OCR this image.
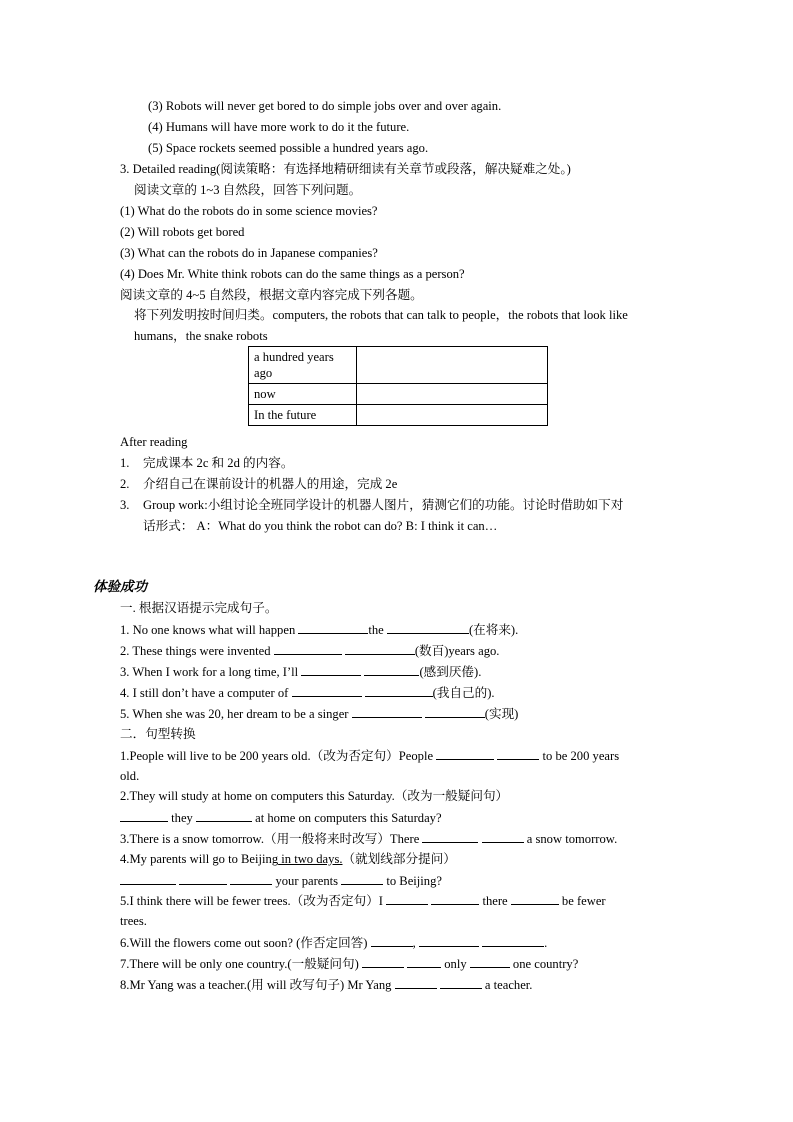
(3) Robots will never get bored to do simple jobs over and over again.
(4) Humans will have more work to do it the future.
(5) Space rockets seemed possible a hundred years ago.
3. Detailed reading(阅读策略：有选择地精研细读有关章节或段落，解决疑难之处。)
阅读文章的 1~3 自然段，回答下列问题。
(1) What do the robots do in some science movies?
(2) Will robots get bored
(3) What can the robots do in Japanese companies?
(4) Does Mr. White think robots can do the same things as a person?
阅读文章的 4~5 自然段，根据文章内容完成下列各题。
将下列发明按时间归类。computers, the robots that can talk to people，the robots that look like
humans，the snake robots
a hundred years
ago	
now	
In the future	
After reading
1. 完成课本 2c 和 2d 的内容。
2. 介绍自己在课前设计的机器人的用途，完成 2e
3. Group work:小组讨论全班同学设计的机器人图片，猜测它们的功能。讨论时借助如下对
话形式： A：What do you think the robot can do? B: I think it can…
体验成功
一. 根据汉语提示完成句子。
1. No one knows what will happen	the	(在将来).
2. These things were invented	(数百)years ago.
3. When I work for a long time, I’ll	(感到厌倦).
4. I still don’t have a computer of	(我自己的).
5. When she was 20, her dream to be a singer	(实现)
二．句型转换
1.People will live to be 200 years old.（改为否定句）People	to be 200 years
old.
2.They will study at home on computers this Saturday.（改为一般疑问句）
they	at home on computers this Saturday?
3.There is a snow tomorrow.（用一般将来时改写）There	a snow tomorrow.
4.My parents will go to Beijing in two days.（就划线部分提问）
your parents	to Beijing?
5.I think there will be fewer trees.（改为否定句）I	there	be fewer
trees.
6.Will the flowers come out soon? (作否定回答)	,	.
7.There will be only one country.(一般疑问句)	only	one country?
8.Mr Yang was a teacher.(用 will 改写句子) Mr Yang	a teacher.
